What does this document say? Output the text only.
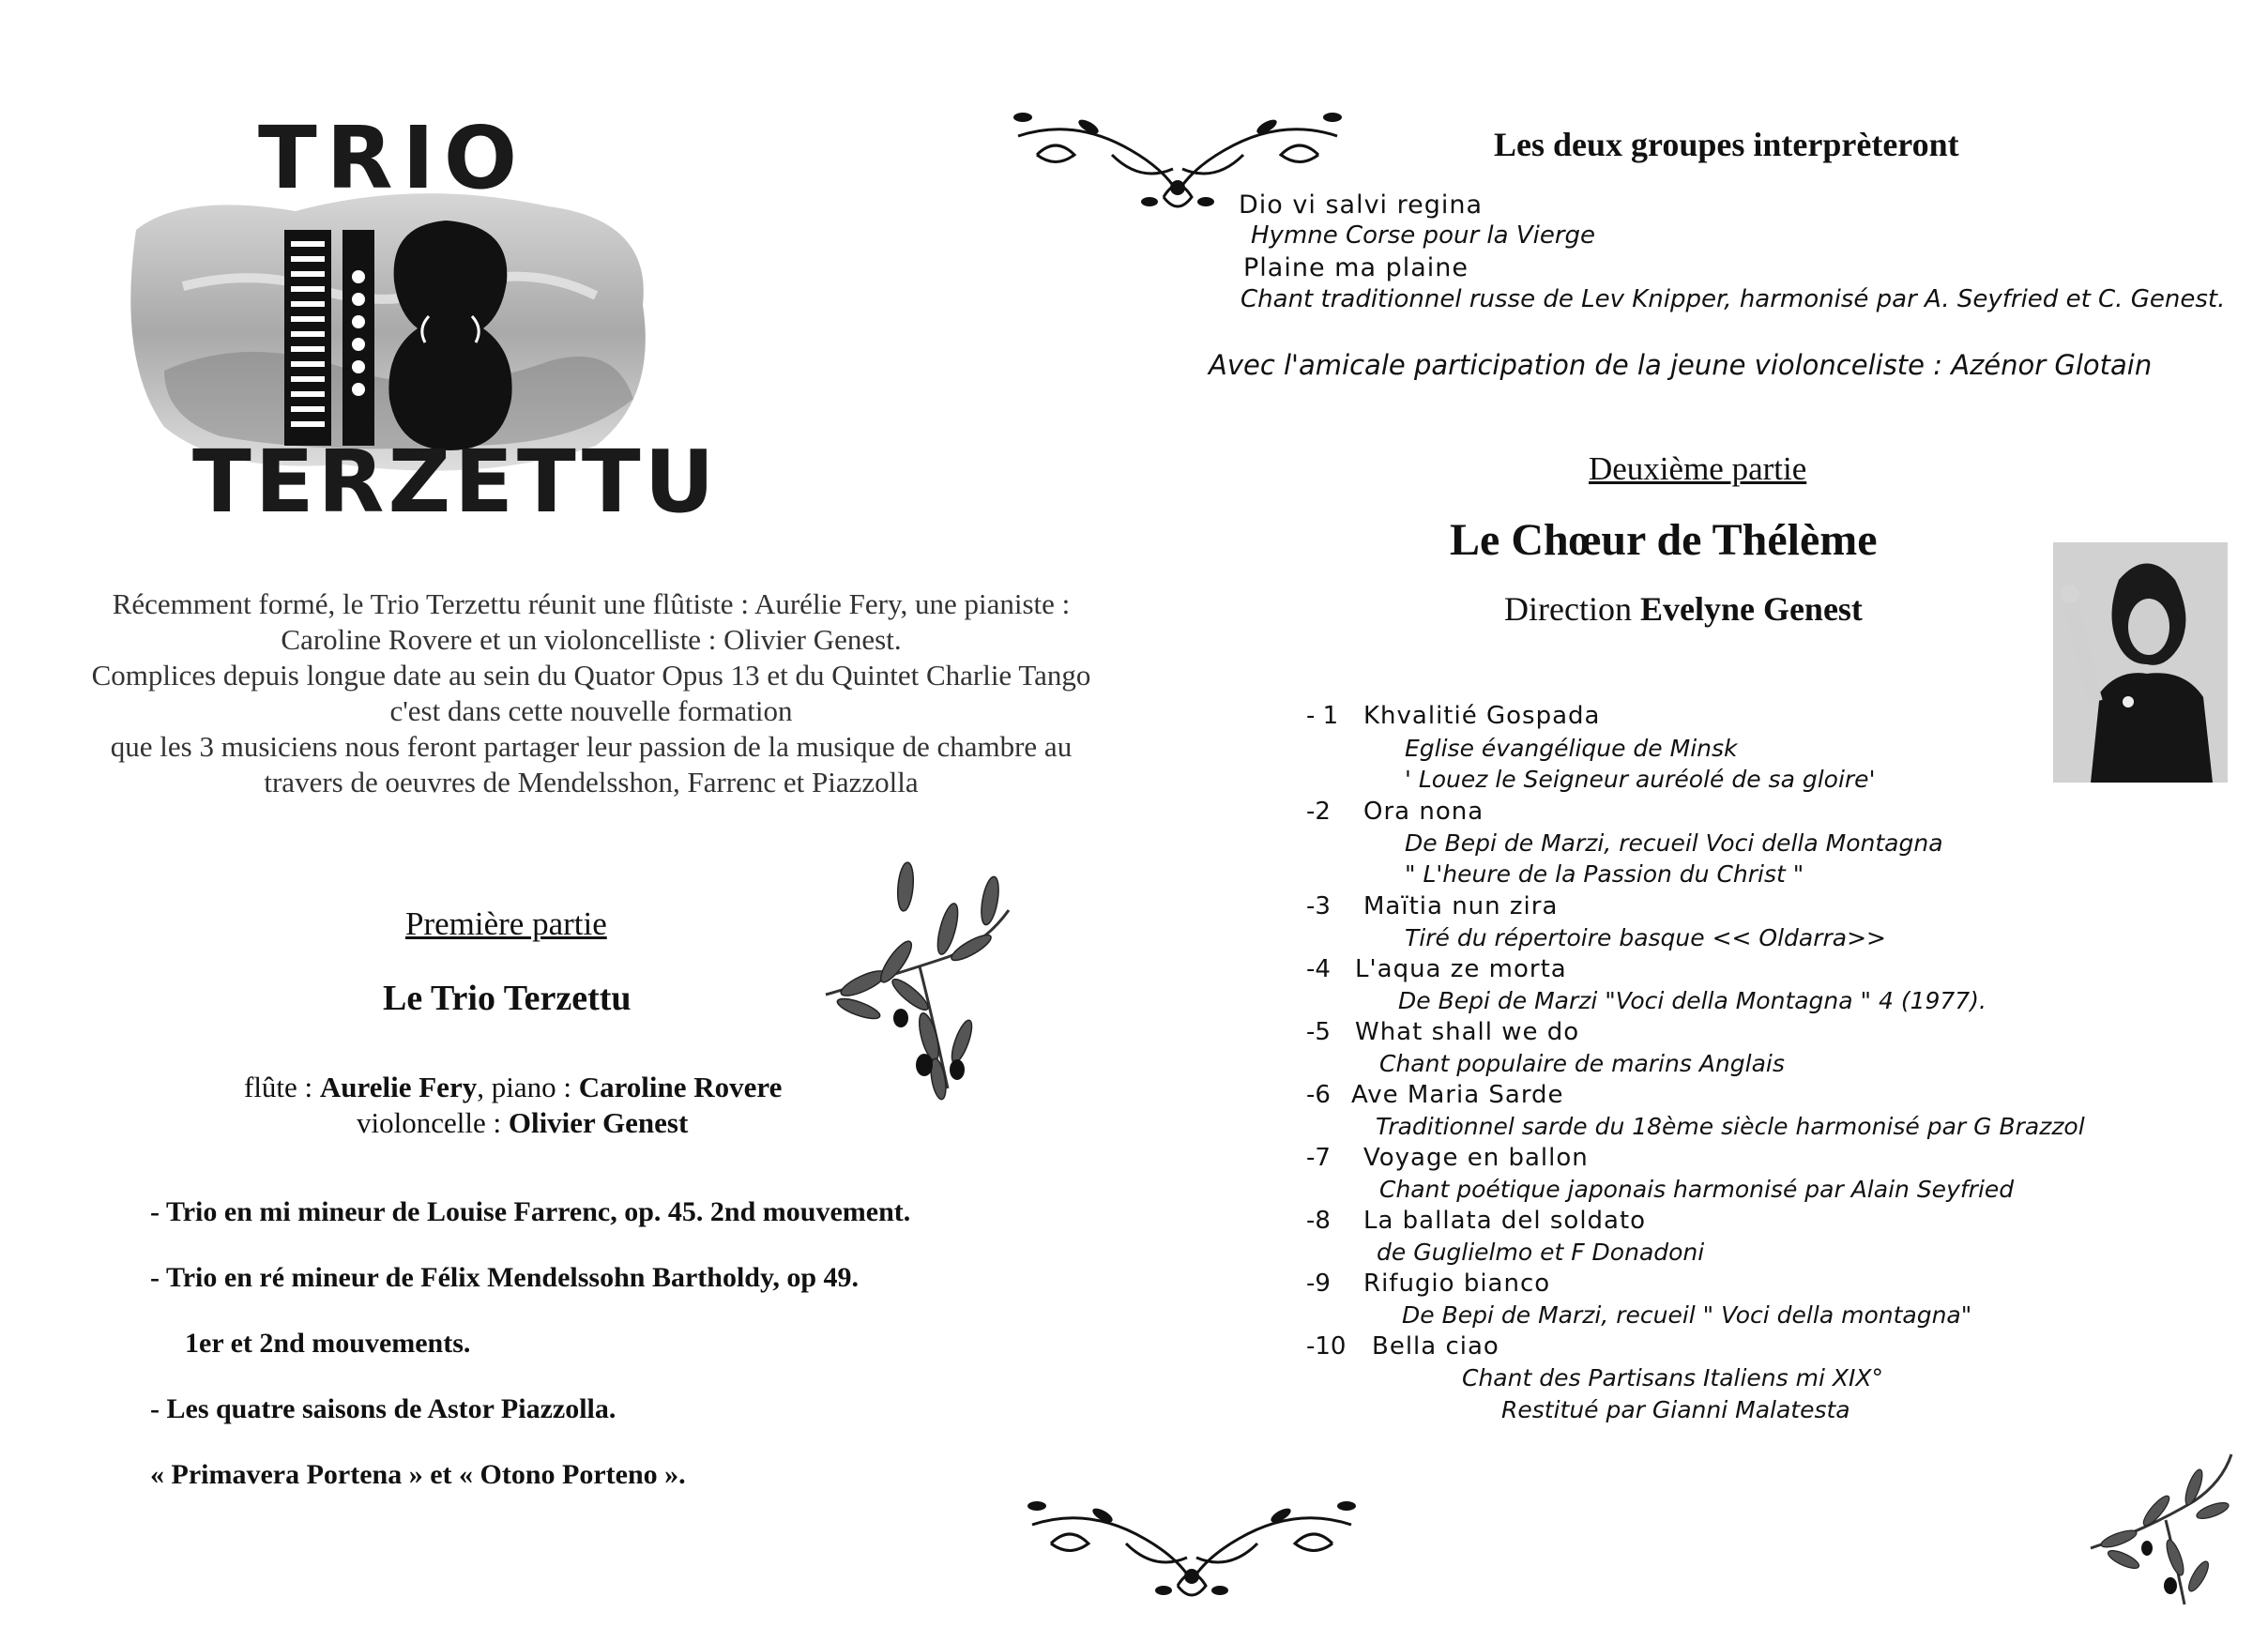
TRIO
TERZETTU

Récemment formé, le Trio Terzettu réunit une flûtiste : Aurélie Fery, une pianiste :

Caroline Rovere et un violoncelliste : Olivier Genest.

Complices depuis longue date au sein du Quator Opus 13 et du Quintet Charlie Tango

c'est dans cette nouvelle formation

que les 3 musiciens nous feront partager leur passion de la musique de chambre au

travers de oeuvres de Mendelsshon, Farrenc et Piazzolla

Première partie
Le Trio Terzettu
flûte : Aurelie Fery, piano : Caroline Rovere
violoncelle : Olivier Genest
- Trio en mi mineur de Louise Farrenc, op. 45. 2nd mouvement.
- Trio en ré mineur de Félix Mendelssohn Bartholdy, op 49.
1er et 2nd mouvements.
- Les quatre saisons de Astor Piazzolla.
« Primavera Portena » et « Otono Porteno ».
Les deux groupes interprèteront
Dio vi salvi regina
Hymne Corse pour la Vierge
Plaine ma plaine
Chant traditionnel russe de Lev Knipper, harmonisé par A. Seyfried et C. Genest.
Avec l'amicale participation de la jeune violonceliste : Azénor Glotain
Deuxième partie
Le Chœur de Thélème
Direction Evelyne Genest
- 1 Khvalitié Gospada
Eglise évangélique de Minsk
' Louez le Seigneur auréolé de sa gloire'
-2 Ora nona
De Bepi de Marzi, recueil Voci della Montagna
" L'heure de la Passion du Christ "
-3 Maïtia nun zira
Tiré du répertoire basque << Oldarra>>
-4 L'aqua ze morta
De Bepi de Marzi "Voci della Montagna " 4 (1977).
-5 What shall we do
Chant populaire de marins Anglais
-6 Ave Maria Sarde
Traditionnel sarde du 18ème siècle harmonisé par G Brazzol
-7 Voyage en ballon
Chant poétique japonais harmonisé par Alain Seyfried
-8 La ballata del soldato
de Guglielmo et F Donadoni
-9 Rifugio bianco
De Bepi de Marzi, recueil " Voci della montagna"
-10 Bella ciao
Chant des Partisans Italiens mi XIX°
Restitué par Gianni Malatesta
